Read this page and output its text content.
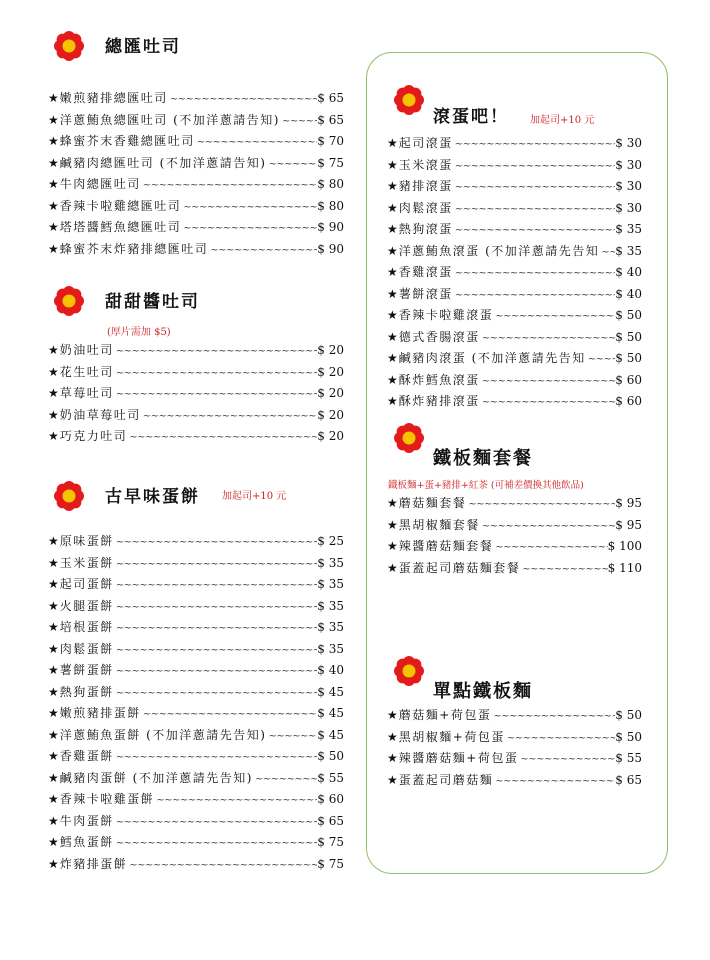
總匯吐司
★ 嫩煎豬排總匯吐司 ~~~~~	$ 65
★ 洋蔥鮪魚總匯吐司 (不加洋蔥請告知) ~~~~~	$ 65
★ 蜂蜜芥末香雞總匯吐司 ~~~~~	$ 70
★ 鹹豬肉總匯吐司 (不加洋蔥請告知) ~~~~~	$ 75
★ 牛肉總匯吐司 ~~~~~	$ 80
★ 香辣卡啦雞總匯吐司 ~~~~~	$ 80
★ 塔塔醬鱈魚總匯吐司 ~~~~~	$ 90
★ 蜂蜜芥末炸豬排總匯吐司 ~~~~~	$ 90
甜甜醬吐司
(厚片需加 $5)
★ 奶油吐司 ~~~~~	$ 20
★ 花生吐司 ~~~~~	$ 20
★ 草莓吐司 ~~~~~	$ 20
★ 奶油草莓吐司 ~~~~~	$ 20
★ 巧克力吐司 ~~~~~	$ 20
古早味蛋餅 加起司+10 元
★ 原味蛋餅 ~~~~~	$ 25
★ 玉米蛋餅 ~~~~~	$ 35
★ 起司蛋餅 ~~~~~	$ 35
★ 火腿蛋餅 ~~~~~	$ 35
★ 培根蛋餅 ~~~~~	$ 35
★ 肉鬆蛋餅 ~~~~~	$ 35
★ 薯餅蛋餅 ~~~~~	$ 40
★ 熱狗蛋餅 ~~~~~	$ 45
★ 嫩煎豬排蛋餅 ~~~~~	$ 45
★ 洋蔥鮪魚蛋餅 (不加洋蔥請先告知) ~~~~~	$ 45
★ 香雞蛋餅 ~~~~~	$ 50
★ 鹹豬肉蛋餅 (不加洋蔥請先告知) ~~~~~	$ 55
★ 香辣卡啦雞蛋餅 ~~~~~	$ 60
★ 牛肉蛋餅 ~~~~~	$ 65
★ 鱈魚蛋餅 ~~~~~	$ 75
★ 炸豬排蛋餅 ~~~~~	$ 75
滾蛋吧！ 加起司+10 元
★ 起司滾蛋 ~~~~~	$ 30
★ 玉米滾蛋 ~~~~~	$ 30
★ 豬排滾蛋 ~~~~~	$ 30
★ 肉鬆滾蛋 ~~~~~	$ 30
★ 熱狗滾蛋 ~~~~~	$ 35
★ 洋蔥鮪魚滾蛋 (不加洋蔥請先告知 ~~~~~ $ 35
★ 香雞滾蛋 ~~~~~	$ 40
★ 薯餅滾蛋 ~~~~~	$ 40
★ 香辣卡啦雞滾蛋 ~~~~~	$ 50
★ 德式香腸滾蛋 ~~~~~	$ 50
★ 鹹豬肉滾蛋 (不加洋蔥請先告知 ~~~~~ $ 50
★ 酥炸鱈魚滾蛋 ~~~~~	$ 60
★ 酥炸豬排滾蛋 ~~~~~	$ 60
鐵板麵套餐
鐵板麵+蛋+豬排+紅茶 (可補差價換其他飲品)
★ 蘑菇麵套餐 ~~~~~	$ 95
★ 黑胡椒麵套餐 ~~~~~	$ 95
★ 辣醬蘑菇麵套餐 ~~~~~	$ 100
★ 蛋蓋起司蘑菇麵套餐 ~~~~~	$ 110
單點鐵板麵
★ 蘑菇麵+荷包蛋 ~~~~~	$ 50
★ 黑胡椒麵+荷包蛋 ~~~~~	$ 50
★ 辣醬蘑菇麵+荷包蛋 ~~~~~	$ 55
★ 蛋蓋起司蘑菇麵 ~~~~~	$ 65
